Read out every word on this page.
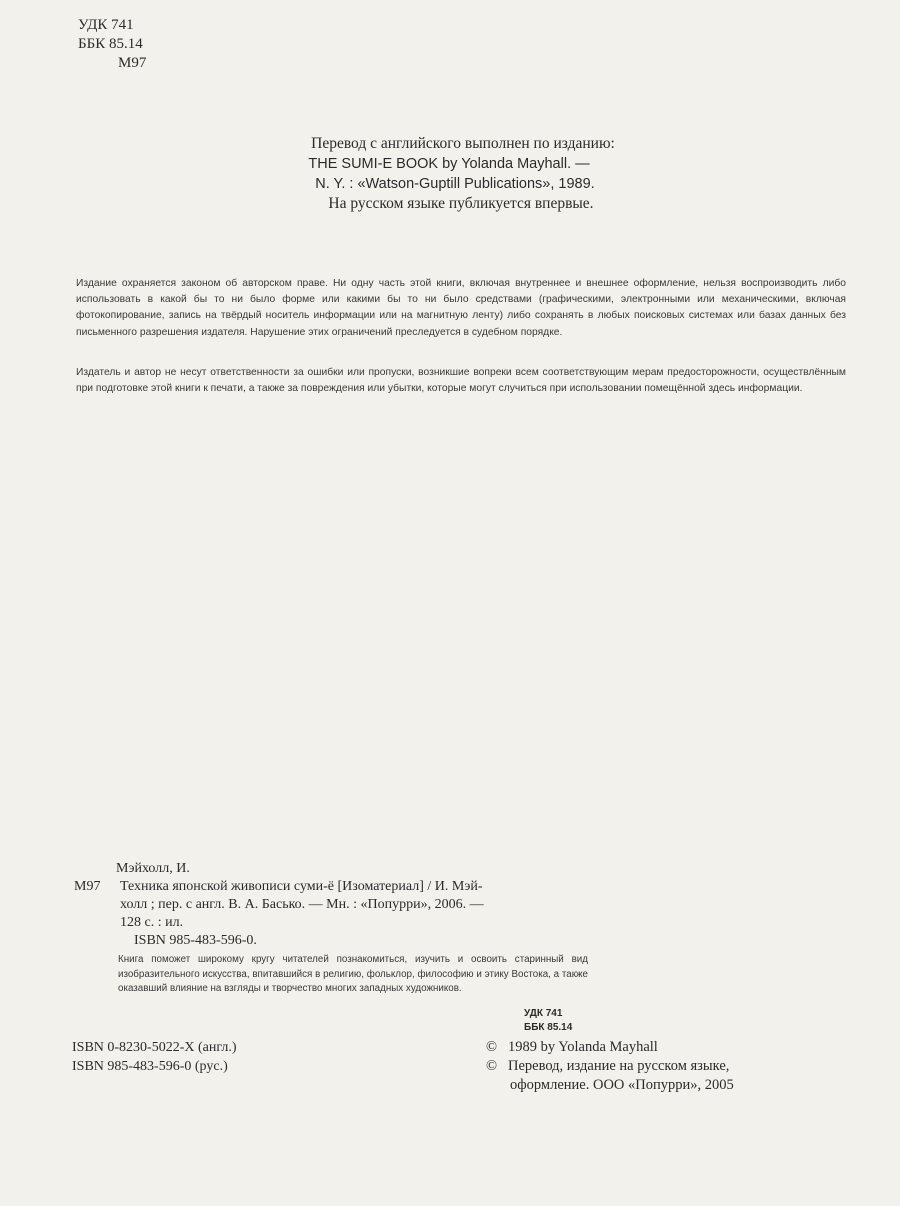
УДК 741
ББК 85.14
М97
Перевод с английского выполнен по изданию:
THE SUMI-E BOOK by Yolanda Mayhall. —
N. Y. : «Watson-Guptill Publications», 1989.
На русском языке публикуется впервые.
Издание охраняется законом об авторском праве. Ни одну часть этой книги, включая внутреннее и внешнее оформление, нельзя воспроизводить либо использовать в какой бы то ни было форме или какими бы то ни было средствами (графическими, электронными или механическими, включая фотокопирование, запись на твёрдый носитель информации или на магнитную ленту) либо сохранять в любых поисковых системах или базах данных без письменного разрешения издателя. Нарушение этих ограничений преследуется в судебном порядке.
Издатель и автор не несут ответственности за ошибки или пропуски, возникшие вопреки всем соответствующим мерам предосторожности, осуществлённым при подготовке этой книги к печати, а также за повреждения или убытки, которые могут случиться при использовании помещённой здесь информации.
Мэйхолл, И.
М97	Техника японской живописи суми-ё [Изоматериал] / И. Мэй-
холл ; пер. с англ. В. А. Басько. — Мн. : «Попурри», 2006. —
128 с. : ил.
ISBN 985-483-596-0.
Книга поможет широкому кругу читателей познакомиться, изучить и освоить старинный вид изобразительного искусства, впитавшийся в религию, фольклор, философию и этику Востока, а также оказавший влияние на взгляды и творчество многих западных художников.
УДК 741
ББК 85.14
ISBN 0-8230-5022-X (англ.)
ISBN 985-483-596-0 (рус.)
© 1989 by Yolanda Mayhall
© Перевод, издание на русском языке,
оформление. ООО «Попурри», 2005
